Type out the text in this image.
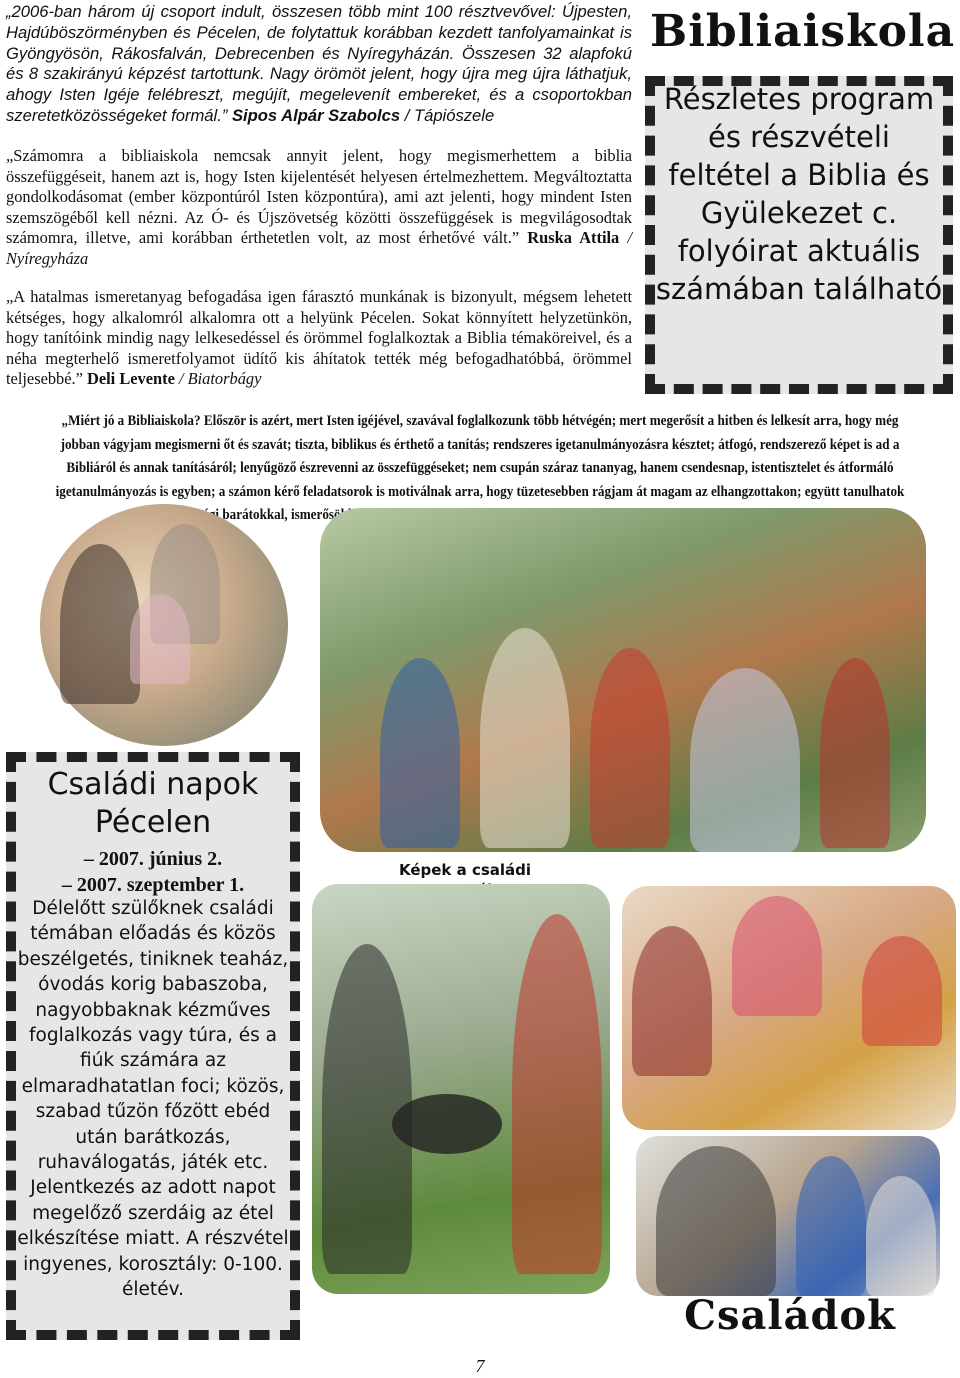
„2006-ban három új csoport indult, összesen több mint 100 résztvevővel: Újpesten, Hajdúböszörményben és Pécelen, de folytattuk korábban kezdett tanfolyamainkat is Gyöngyösön, Rákosfalván, Debrecenben és Nyíregyházán. Összesen 32 alapfokú és 8 szakirányú képzést tartottunk. Nagy örömöt jelent, hogy újra meg újra láthatjuk, ahogy Isten Igéje felébreszt, megújít, megelevenít embereket, és a csoportokban szeretetközösségeket formál.” Sipos Alpár Szabolcs / Tápiószele
„Számomra a bibliaiskola nemcsak annyit jelent, hogy megismerhettem a biblia összefüggéseit, hanem azt is, hogy Isten kijelentését helyesen értelmezhettem. Megváltoztatta gondolkodásomat (ember központúról Isten központúra), ami azt jelenti, hogy mindent Isten szemszögéből kell nézni. Az Ó- és Újszövetség közötti összefüggések is megvilágosodtak számomra, illetve, ami korábban érthetetlen volt, az most érhetővé vált.” Ruska Attila / Nyíregyháza
„A hatalmas ismeretanyag befogadása igen fárasztó munkának is bizonyult, mégsem lehetett kétséges, hogy alkalomról alkalomra ott a helyünk Pécelen. Sokat könnyített helyzetünkön, hogy tanítóink mindig nagy lelkesedéssel és örömmel foglalkoztak a Biblia témaköreivel, és a néha megterhelő ismeretfolyamot üdítő kis áhítatok tették még befogadhatóbbá, örömmel teljesebbé.” Deli Levente / Biatorbágy
Bibliaiskola
Részletes program és részvételi feltétel a Biblia és Gyülekezet c. folyóirat aktuális számában található
„Miért jó a Bibliaiskola? Először is azért, mert Isten igéjével, szavával foglalkozunk több hétvégén; mert megerősít a hitben és lelkesít arra, hogy még jobban vágyjam megismerni őt és szavát; tiszta, biblikus és érthető a tanítás; rendszeres igetanulmányozásra késztet; átfogó, rendszerező képet is ad a Bibliáról és annak tanításáról; lenyűgöző észrevenni az összefüggéseket; nem csupán száraz tananyag, hanem csendesnap, istentisztelet és átformáló igetanulmányozás is egyben; a számon kérő feladatsorok is motiválnak arra, hogy tüzetesebben rágjam át magam az elhangzottakon; együtt tanulhatok barátokkal, ismerősökkel,
Képek a családi
Családi napok Pécelen
– 2007. június 2.
– 2007. szeptember 1.
Délelőtt szülőknek családi témában előadás és közös beszélgetés, tiniknek teaház, óvodás korig babaszoba, nagyobbaknak kézműves foglalkozás vagy túra, és a fiúk számára az elmaradhatatlan foci; közös, szabad tűzön főzött ebéd után barátkozás, ruhaválogatás, játék etc. Jelentkezés az adott napot megelőző szerdáig az étel elkészítése miatt. A részvétel ingyenes, korosztály: 0-100. életév.
Családok
7
